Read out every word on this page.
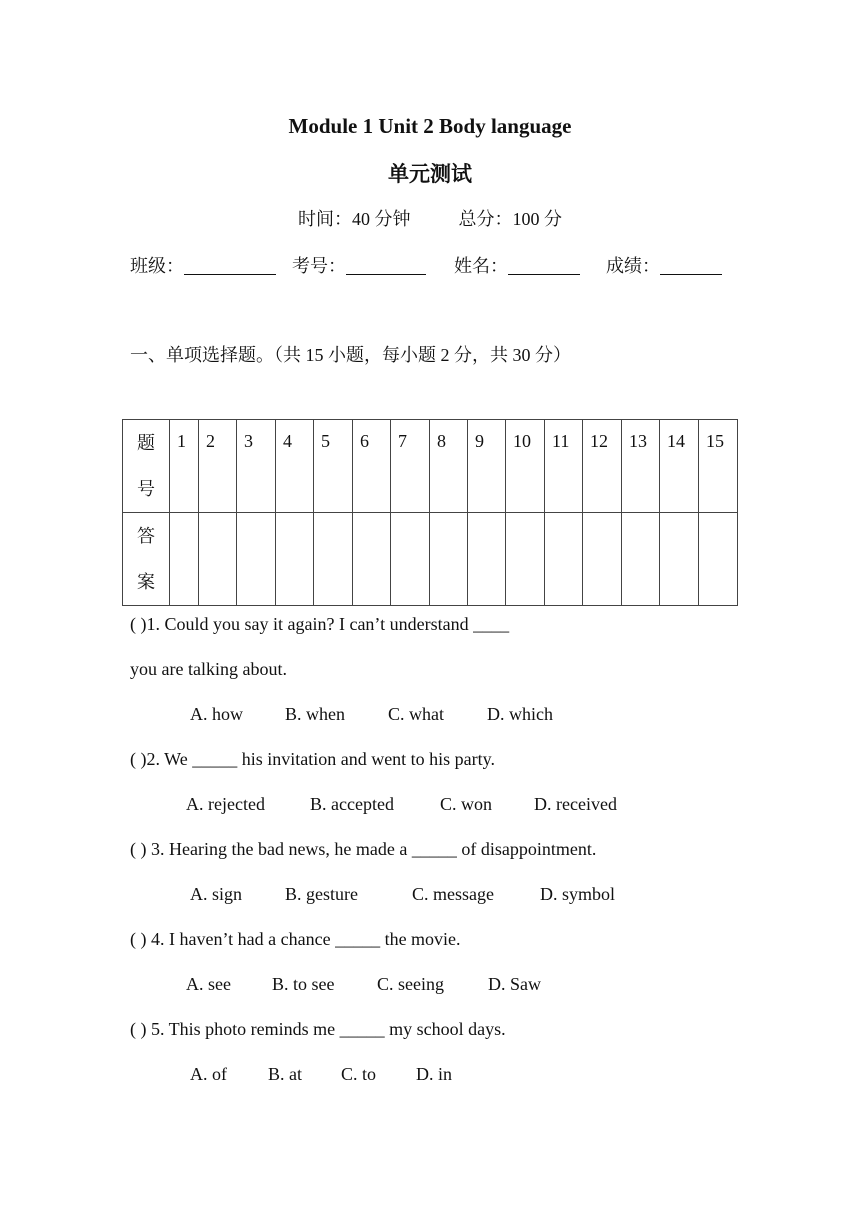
Module 1 Unit 2 Body language
单元测试
时间：40 分钟	总分：100 分
班级：	考号：	姓名：	成绩：
一、单项选择题。（共 15 小题，每小题 2 分，共 30 分）
题
号	1	2	3	4	5	6	7	8	9	10	11	12	13	14	15
答
案															
( )1. Could you say it again? I can’t understand ____
you are talking about.
A. how B. when C. what D. which
( )2. We _____ his invitation and went to his party.
A. rejected	B. accepted	C. won D. received
( ) 3. Hearing the bad news, he made a _____ of disappointment.
A. sign B. gesture	C. message	D. symbol
( ) 4. I haven’t had a chance _____ the movie.
A. see B. to see C. seeing D. Saw
( ) 5. This photo reminds me _____ my school days.
A. of B. at C. to D. in
